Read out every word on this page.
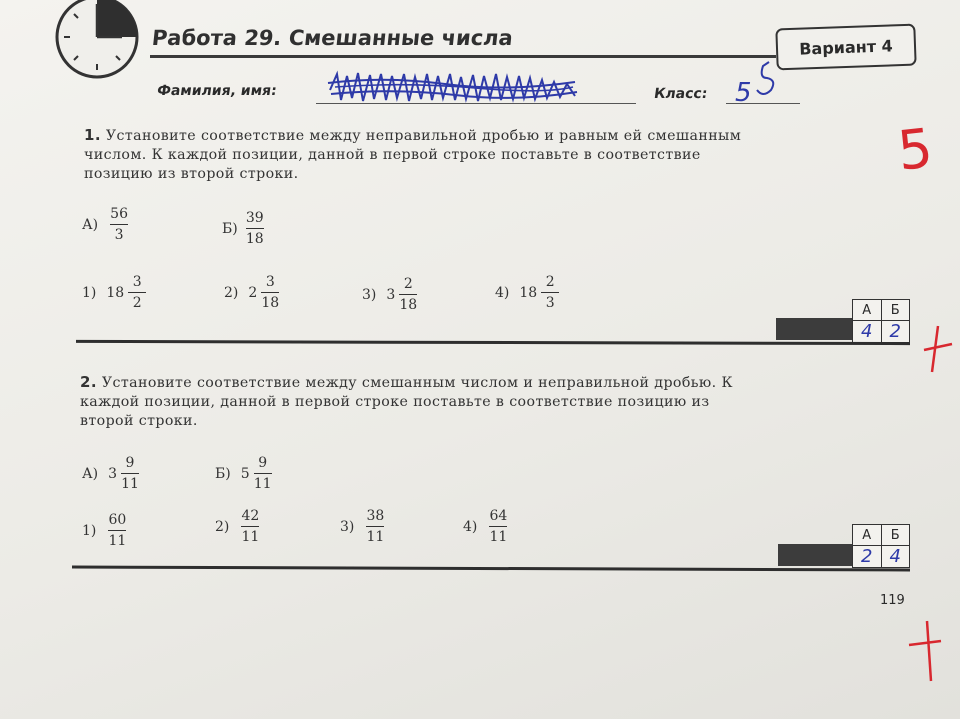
Работа 29. Смешанные числа	Вариант 4
Фамилия, имя:	Класс: 5
1. Установите соответствие между неправильной дробью и равным ей смешанным числом. К каждой позиции, данной в первой строке поставьте в соответствие позицию из второй строки.
$А) \frac{56}{3}$	$Б) \frac{39}{18}$
1) $18 \frac{3}{2}$	2) $2 \frac{3}{18}$	3) $3 \frac{2}{18}$	4) $18 \frac{2}{3}$	А	Б
4	2
2. Установите соответствие между смешанным числом и неправильной дробью. К каждой позиции, данной в первой строке поставьте в соответствие позицию из второй строки.
А) $3 \frac{9}{11}$	Б) $5 \frac{9}{11}$
$1) \frac{60}{11}$	$2) \frac{42}{11}$	$3) \frac{38}{11}$	$4) \frac{64}{11}$	А	Б
2	4
119
5
